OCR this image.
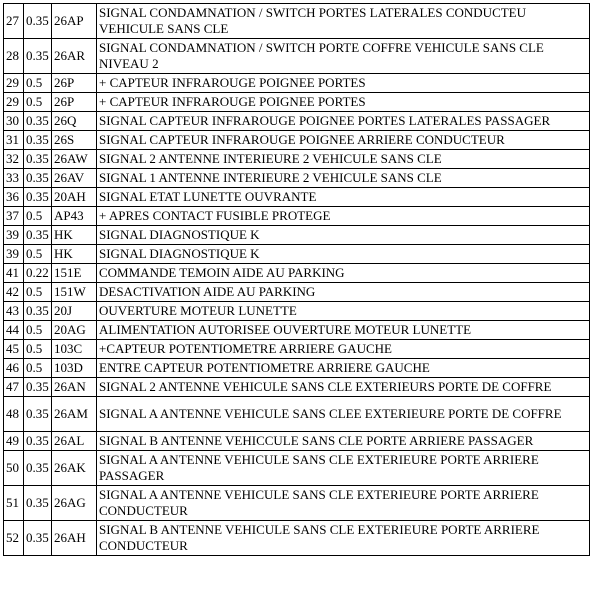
27	0.35	26AP	SIGNAL CONDAMNATION / SWITCH PORTES LATERALES CONDUCTEU VEHICULE SANS CLE
28	0.35	26AR	SIGNAL CONDAMNATION / SWITCH PORTE COFFRE VEHICULE SANS CLE NIVEAU 2
29	0.5	26P	+ CAPTEUR INFRAROUGE POIGNEE PORTES
29	0.5	26P	+ CAPTEUR INFRAROUGE POIGNEE PORTES
30	0.35	26Q	SIGNAL CAPTEUR INFRAROUGE POIGNEE PORTES LATERALES PASSAGER
31	0.35	26S	SIGNAL CAPTEUR INFRAROUGE POIGNEE ARRIERE CONDUCTEUR
32	0.35	26AW	SIGNAL 2 ANTENNE INTERIEURE 2 VEHICULE SANS CLE
33	0.35	26AV	SIGNAL 1 ANTENNE INTERIEURE 2 VEHICULE SANS CLE
36	0.35	20AH	SIGNAL ETAT LUNETTE OUVRANTE
37	0.5	AP43	+ APRES CONTACT FUSIBLE PROTEGE
39	0.35	HK	SIGNAL DIAGNOSTIQUE K
39	0.5	HK	SIGNAL DIAGNOSTIQUE K
41	0.22	151E	COMMANDE TEMOIN AIDE AU PARKING
42	0.5	151W	DESACTIVATION AIDE AU PARKING
43	0.35	20J	OUVERTURE MOTEUR LUNETTE
44	0.5	20AG	ALIMENTATION AUTORISEE OUVERTURE MOTEUR LUNETTE
45	0.5	103C	+CAPTEUR POTENTIOMETRE ARRIERE GAUCHE
46	0.5	103D	ENTRE CAPTEUR POTENTIOMETRE ARRIERE GAUCHE
47	0.35	26AN	SIGNAL 2 ANTENNE VEHICULE SANS CLE EXTERIEURS PORTE DE COFFRE
48	0.35	26AM	SIGNAL A ANTENNE VEHICULE SANS CLEE EXTERIEURE PORTE DE COFFRE
49	0.35	26AL	SIGNAL B ANTENNE VEHICCULE SANS CLE PORTE ARRIERE PASSAGER
50	0.35	26AK	SIGNAL A ANTENNE VEHICULE SANS CLE EXTERIEURE PORTE ARRIERE PASSAGER
51	0.35	26AG	SIGNAL A ANTENNE VEHICULE SANS CLE EXTERIEURE PORTE ARRIERE CONDUCTEUR
52	0.35	26AH	SIGNAL B ANTENNE VEHICULE SANS CLE EXTERIEURE PORTE ARRIERE CONDUCTEUR
